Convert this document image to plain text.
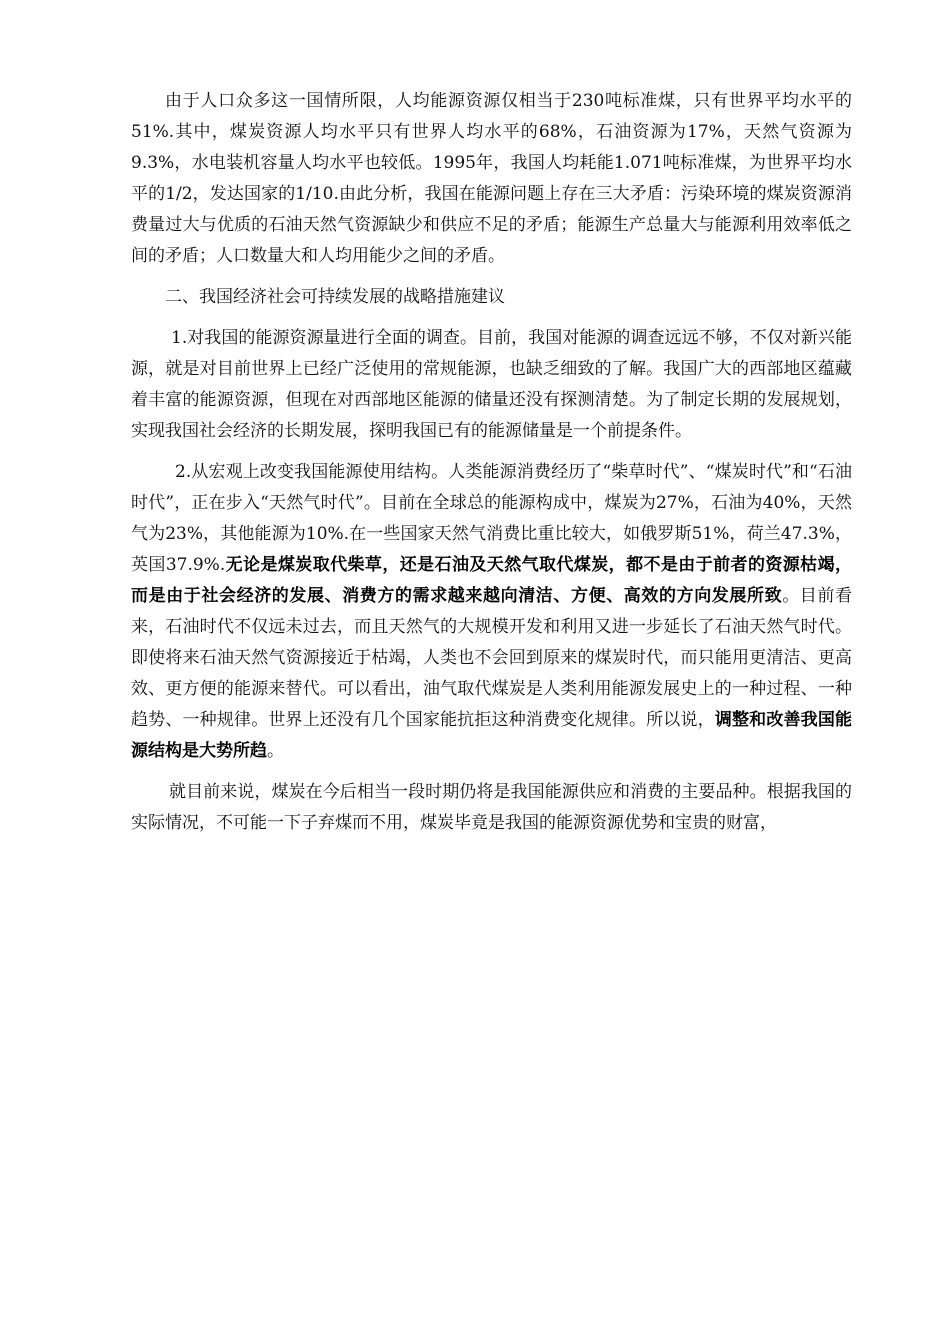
由于人口众多这一国情所限，人均能源资源仅相当于230吨标准煤，只有世界平均水平的51%.其中，煤炭资源人均水平只有世界人均水平的68%，石油资源为17%，天然气资源为9.3%，水电装机容量人均水平也较低。1995年，我国人均耗能1.071吨标准煤，为世界平均水平的1/2，发达国家的1/10.由此分析，我国在能源问题上存在三大矛盾：污染环境的煤炭资源消费量过大与优质的石油天然气资源缺少和供应不足的矛盾；能源生产总量大与能源利用效率低之间的矛盾；人口数量大和人均用能少之间的矛盾。

二、我国经济社会可持续发展的战略措施建议

1.对我国的能源资源量进行全面的调查。目前，我国对能源的调查远远不够，不仅对新兴能源，就是对目前世界上已经广泛使用的常规能源，也缺乏细致的了解。我国广大的西部地区蕴藏着丰富的能源资源，但现在对西部地区能源的储量还没有探测清楚。为了制定长期的发展规划，实现我国社会经济的长期发展，探明我国已有的能源储量是一个前提条件。

2.从宏观上改变我国能源使用结构。人类能源消费经历了“柴草时代”、“煤炭时代”和“石油时代”，正在步入“天然气时代”。目前在全球总的能源构成中，煤炭为27%，石油为40%，天然气为23%，其他能源为10%.在一些国家天然气消费比重比较大，如俄罗斯51%，荷兰47.3%，英国37.9%.无论是煤炭取代柴草，还是石油及天然气取代煤炭，都不是由于前者的资源枯竭，而是由于社会经济的发展、消费方的需求越来越向清洁、方便、高效的方向发展所致。目前看来，石油时代不仅远未过去，而且天然气的大规模开发和利用又进一步延长了石油天然气时代。即使将来石油天然气资源接近于枯竭，人类也不会回到原来的煤炭时代，而只能用更清洁、更高效、更方便的能源来替代。可以看出，油气取代煤炭是人类利用能源发展史上的一种过程、一种趋势、一种规律。世界上还没有几个国家能抗拒这种消费变化规律。所以说，调整和改善我国能源结构是大势所趋。

就目前来说，煤炭在今后相当一段时期仍将是我国能源供应和消费的主要品种。根据我国的实际情况，不可能一下子弃煤而不用，煤炭毕竟是我国的能源资源优势和宝贵的财富，
